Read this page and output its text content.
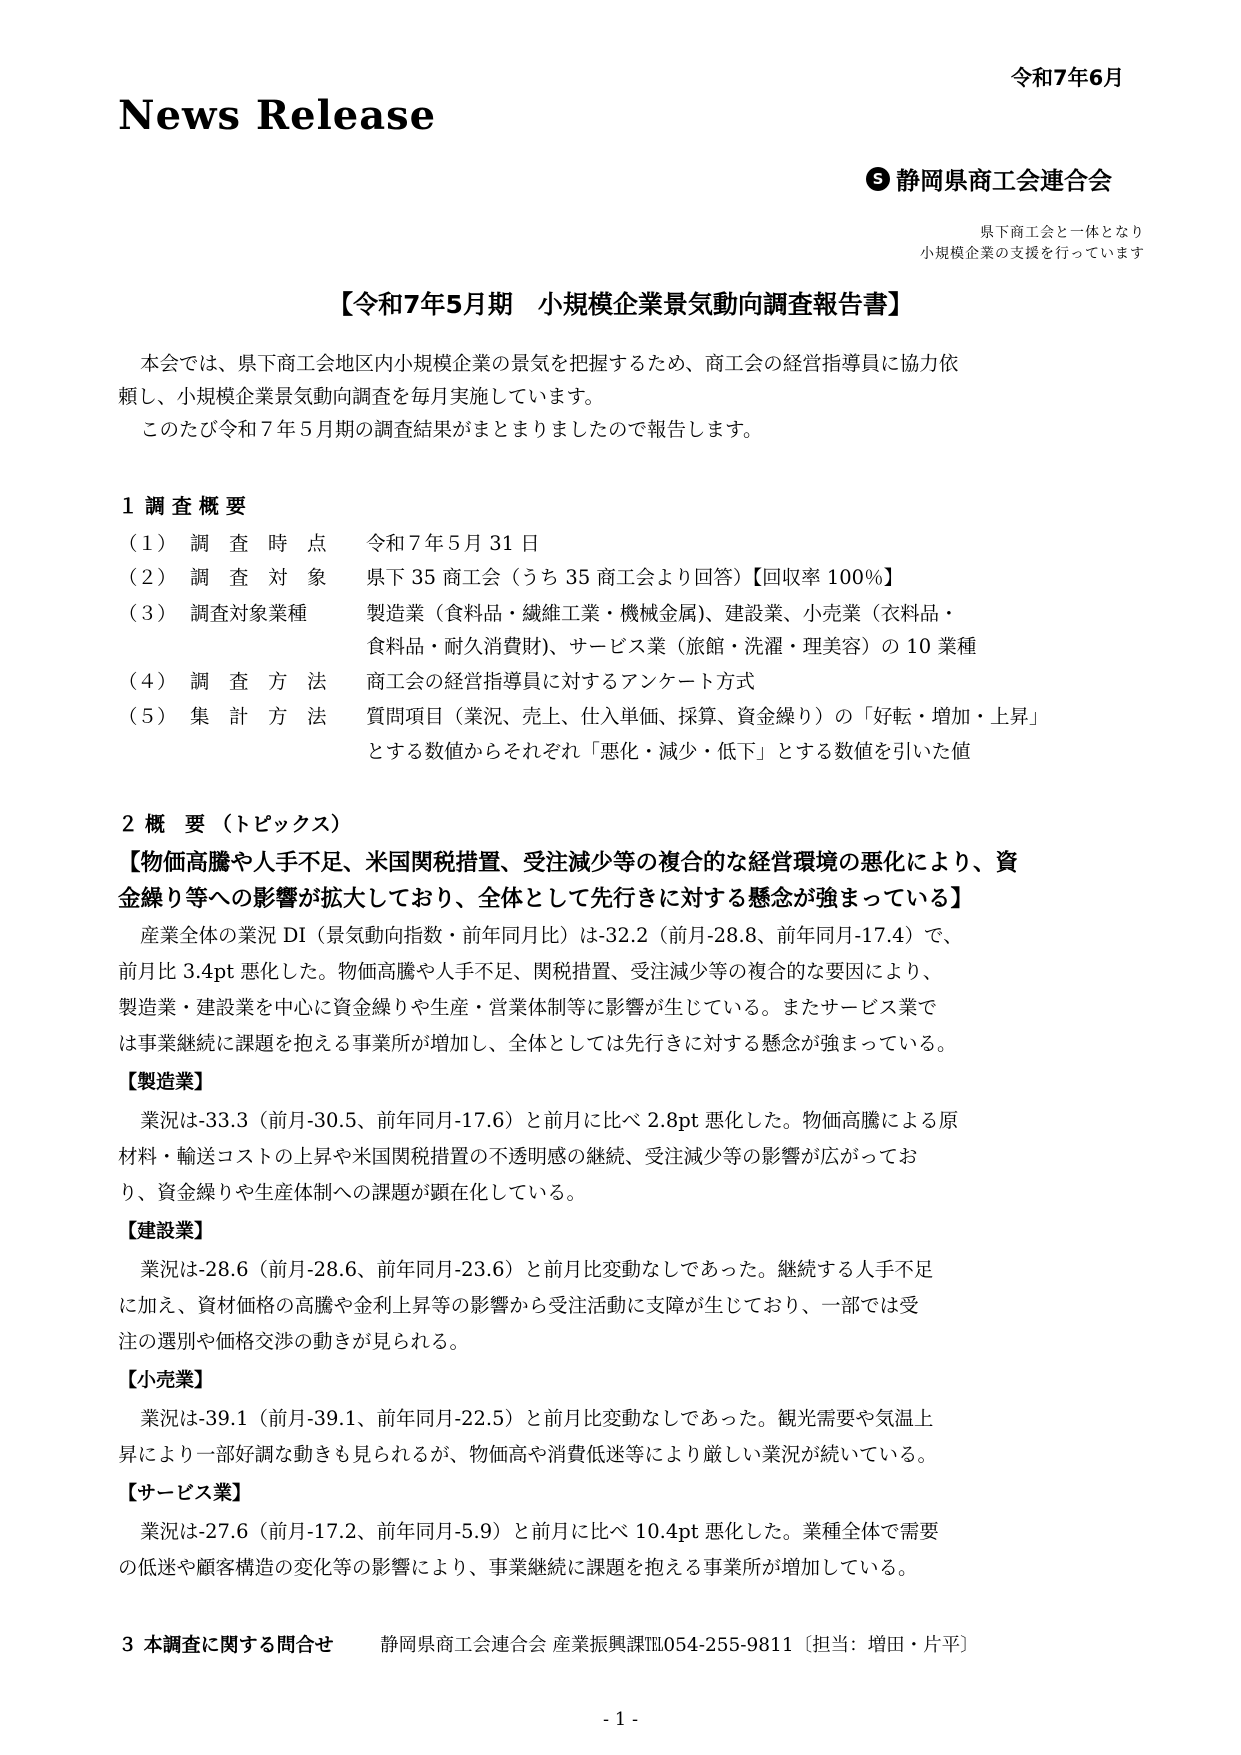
令和7年6月
News Release
S 静岡県商工会連合会
県下商工会と一体となり
小規模企業の支援を行っています
【令和7年5月期　小規模企業景気動向調査報告書】
本会では、県下商工会地区内小規模企業の景気を把握するため、商工会の経営指導員に協力依
頼し、小規模企業景気動向調査を毎月実施しています。
このたび令和７年５月期の調査結果がまとまりましたので報告します。
１ 調 査 概 要
（１） 調　査　時　点 令和７年５月 31 日
（２） 調　査　対　象 県下 35 商工会（うち 35 商工会より回答）【回収率 100％】
（３） 調査対象業種	製造業（食料品・繊維工業・機械金属)、建設業、小売業（衣料品・
食料品・耐久消費財)、サービス業（旅館・洗濯・理美容）の 10 業種
（４） 調　査　方　法 商工会の経営指導員に対するアンケート方式
（５） 集　計　方　法 質問項目（業況、売上、仕入単価、採算、資金繰り）の「好転・増加・上昇」
とする数値からそれぞれ「悪化・減少・低下」とする数値を引いた値
２ 概　要 （トピックス）
【物価高騰や人手不足、米国関税措置、受注減少等の複合的な経営環境の悪化により、資
金繰り等への影響が拡大しており、全体として先行きに対する懸念が強まっている】
産業全体の業況 DI（景気動向指数・前年同月比）は-32.2（前月-28.8、前年同月-17.4）で、
前月比 3.4pt 悪化した。物価高騰や人手不足、関税措置、受注減少等の複合的な要因により、
製造業・建設業を中心に資金繰りや生産・営業体制等に影響が生じている。またサービス業で
は事業継続に課題を抱える事業所が増加し、全体としては先行きに対する懸念が強まっている。
【製造業】
業況は-33.3（前月-30.5、前年同月-17.6）と前月に比べ 2.8pt 悪化した。物価高騰による原
材料・輸送コストの上昇や米国関税措置の不透明感の継続、受注減少等の影響が広がってお
り、資金繰りや生産体制への課題が顕在化している。
【建設業】
業況は-28.6（前月-28.6、前年同月-23.6）と前月比変動なしであった。継続する人手不足
に加え、資材価格の高騰や金利上昇等の影響から受注活動に支障が生じており、一部では受
注の選別や価格交渉の動きが見られる。
【小売業】
業況は-39.1（前月-39.1、前年同月-22.5）と前月比変動なしであった。観光需要や気温上
昇により一部好調な動きも見られるが、物価高や消費低迷等により厳しい業況が続いている。
【サービス業】
業況は-27.6（前月-17.2、前年同月-5.9）と前月に比べ 10.4pt 悪化した。業種全体で需要
の低迷や顧客構造の変化等の影響により、事業継続に課題を抱える事業所が増加している。
３ 本調査に関する問合せ	静岡県商工会連合会 産業振興課℡054-255-9811〔担当：増田・片平〕
- 1 -
